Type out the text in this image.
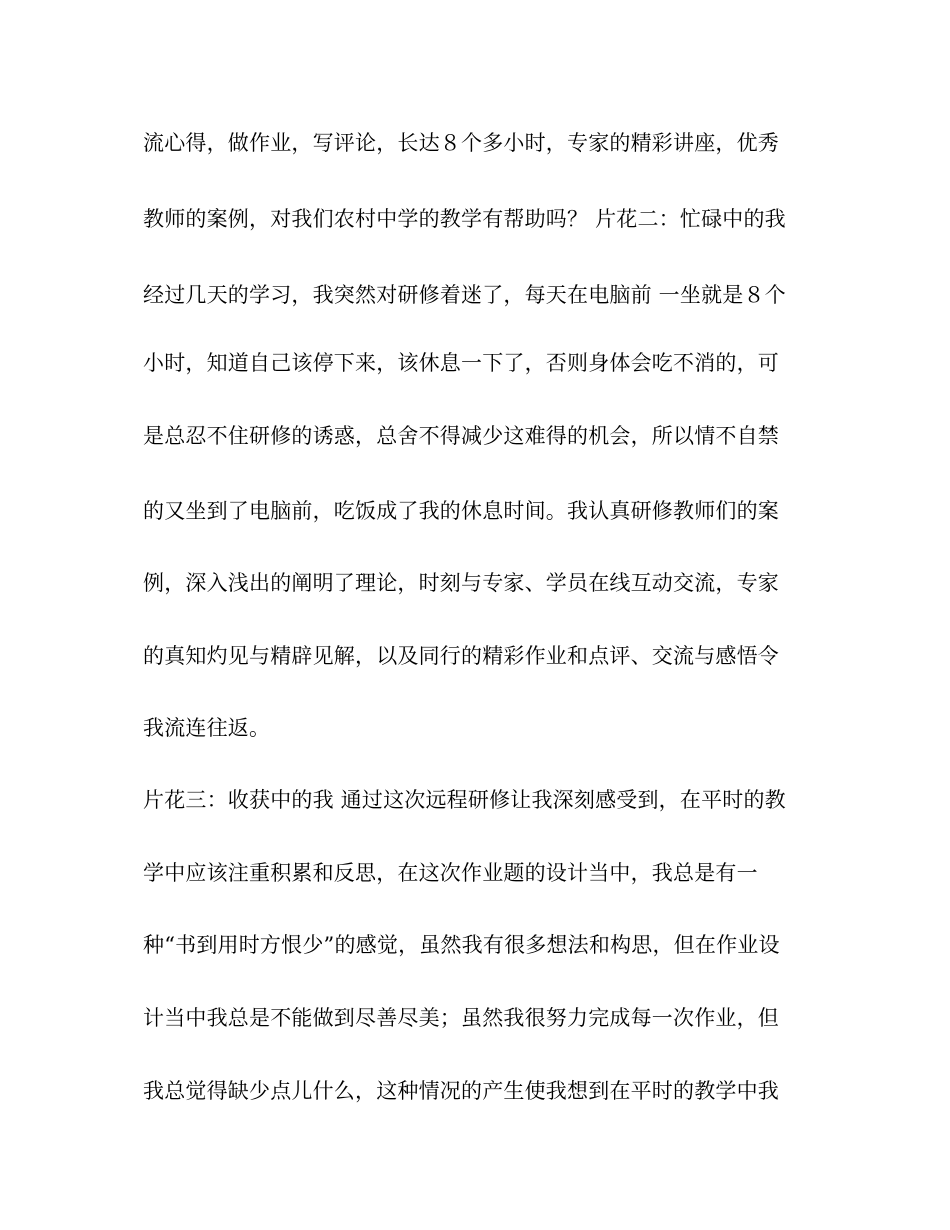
流心得，做作业，写评论，长达８个多小时，专家的精彩讲座，优秀
教师的案例，对我们农村中学的教学有帮助吗？ 片花二：忙碌中的我
经过几天的学习，我突然对研修着迷了，每天在电脑前 一坐就是８个
小时，知道自己该停下来，该休息一下了，否则身体会吃不消的，可
是总忍不住研修的诱惑，总舍不得减少这难得的机会，所以情不自禁
的又坐到了电脑前，吃饭成了我的休息时间。我认真研修教师们的案
例，深入浅出的阐明了理论，时刻与专家、学员在线互动交流，专家
的真知灼见与精辟见解，以及同行的精彩作业和点评、交流与感悟令
我流连往返。
片花三：收获中的我 通过这次远程研修让我深刻感受到，在平时的教
学中应该注重积累和反思，在这次作业题的设计当中，我总是有一
种“书到用时方恨少”的感觉，虽然我有很多想法和构思，但在作业设
计当中我总是不能做到尽善尽美；虽然我很努力完成每一次作业，但
我总觉得缺少点儿什么，这种情况的产生使我想到在平时的教学中我
